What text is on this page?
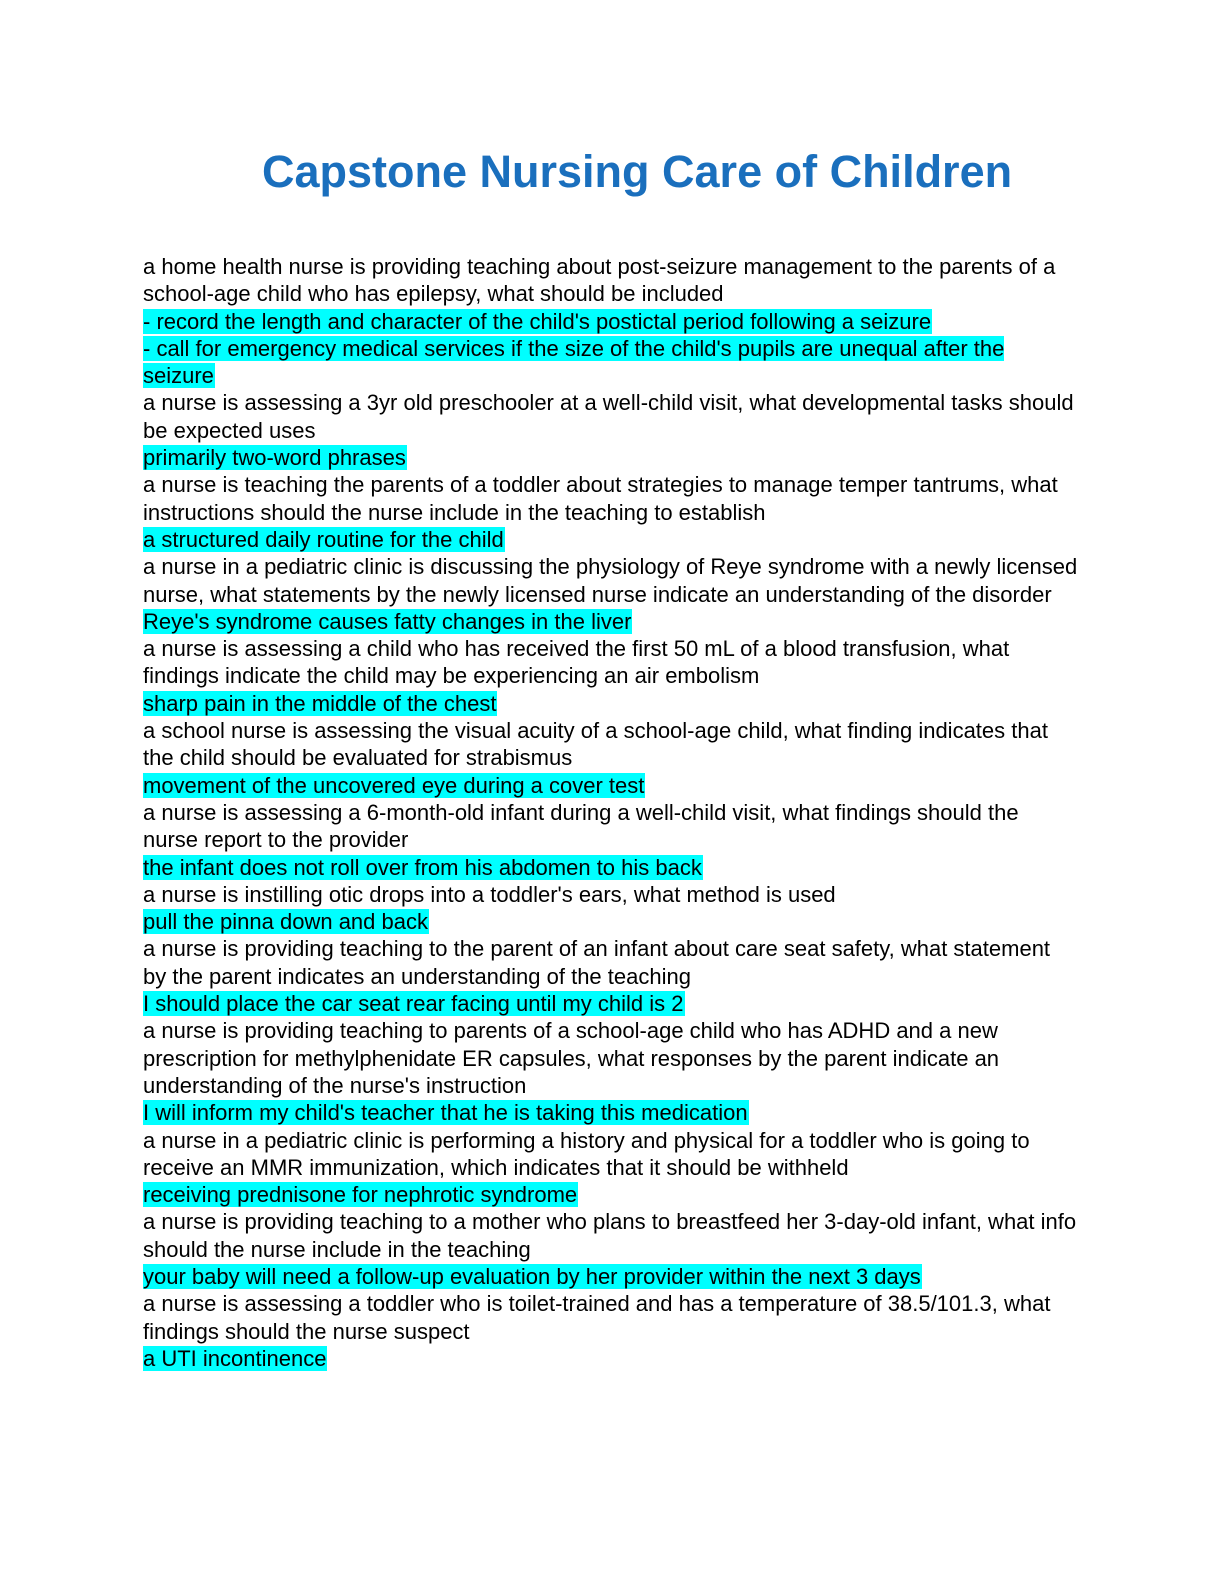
Capstone Nursing Care of Children

a home health nurse is providing teaching about post-seizure management to the parents of a school-age child who has epilepsy, what should be included

- record the length and character of the child's postictal period following a seizure

- call for emergency medical services if the size of the child's pupils are unequal after the seizure

a nurse is assessing a 3yr old preschooler at a well-child visit, what developmental tasks should be expected uses

primarily two-word phrases

a nurse is teaching the parents of a toddler about strategies to manage temper tantrums, what instructions should the nurse include in the teaching to establish

a structured daily routine for the child

a nurse in a pediatric clinic is discussing the physiology of Reye syndrome with a newly licensed nurse, what statements by the newly licensed nurse indicate an understanding of the disorder

Reye's syndrome causes fatty changes in the liver

a nurse is assessing a child who has received the first 50 mL of a blood transfusion, what findings indicate the child may be experiencing an air embolism

sharp pain in the middle of the chest

a school nurse is assessing the visual acuity of a school-age child, what finding indicates that the child should be evaluated for strabismus

movement of the uncovered eye during a cover test

a nurse is assessing a 6-month-old infant during a well-child visit, what findings should the nurse report to the provider

the infant does not roll over from his abdomen to his back

a nurse is instilling otic drops into a toddler's ears, what method is used

pull the pinna down and back

a nurse is providing teaching to the parent of an infant about care seat safety, what statement by the parent indicates an understanding of the teaching

I should place the car seat rear facing until my child is 2

a nurse is providing teaching to parents of a school-age child who has ADHD and a new prescription for methylphenidate ER capsules, what responses by the parent indicate an understanding of the nurse's instruction

I will inform my child's teacher that he is taking this medication

a nurse in a pediatric clinic is performing a history and physical for a toddler who is going to receive an MMR immunization, which indicates that it should be withheld

receiving prednisone for nephrotic syndrome

a nurse is providing teaching to a mother who plans to breastfeed her 3-day-old infant, what info should the nurse include in the teaching

your baby will need a follow-up evaluation by her provider within the next 3 days

a nurse is assessing a toddler who is toilet-trained and has a temperature of 38.5/101.3, what findings should the nurse suspect

a UTI incontinence
